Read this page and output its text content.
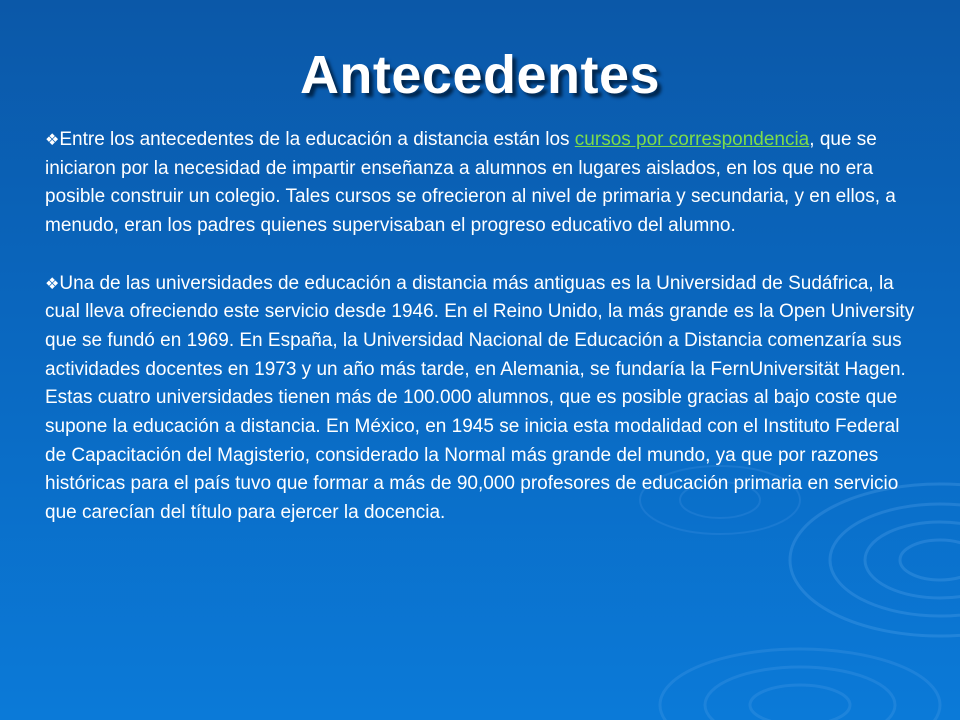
Antecedentes

❖Entre los antecedentes de la educación a distancia están los cursos por correspondencia, que se iniciaron por la necesidad de impartir enseñanza a alumnos en lugares aislados, en los que no era posible construir un colegio. Tales cursos se ofrecieron al nivel de primaria y secundaria, y en ellos, a menudo, eran los padres quienes supervisaban el progreso educativo del alumno.

❖Una de las universidades de educación a distancia más antiguas es la Universidad de Sudáfrica, la cual lleva ofreciendo este servicio desde 1946. En el Reino Unido, la más grande es la Open University que se fundó en 1969. En España, la Universidad Nacional de Educación a Distancia comenzaría sus actividades docentes en 1973 y un año más tarde, en Alemania, se fundaría la FernUniversität Hagen. Estas cuatro universidades tienen más de 100.000 alumnos, que es posible gracias al bajo coste que supone la educación a distancia. En México, en 1945 se inicia esta modalidad con el Instituto Federal de Capacitación del Magisterio, considerado la Normal más grande del mundo, ya que por razones históricas para el país tuvo que formar a más de 90,000 profesores de educación primaria en servicio que carecían del título para ejercer la docencia.
